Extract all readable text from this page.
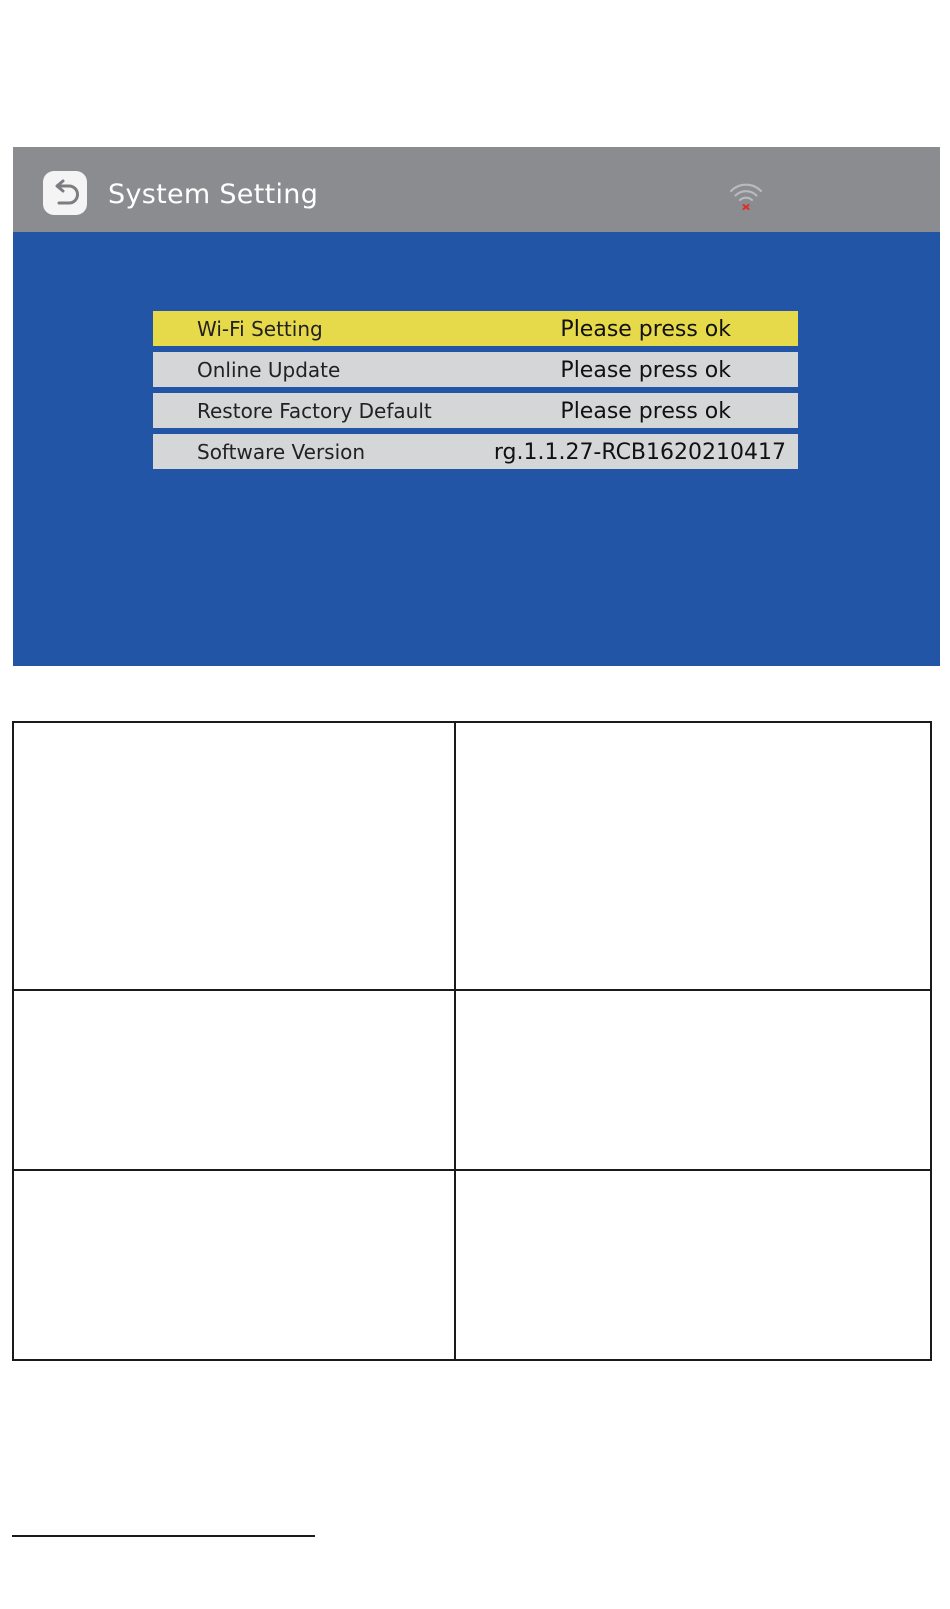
System Setting
Wi-Fi Setting	Please press ok
Online Update	Please press ok
Restore Factory Default	Please press ok
Software Version	rg.1.1.27-RCB1620210417
